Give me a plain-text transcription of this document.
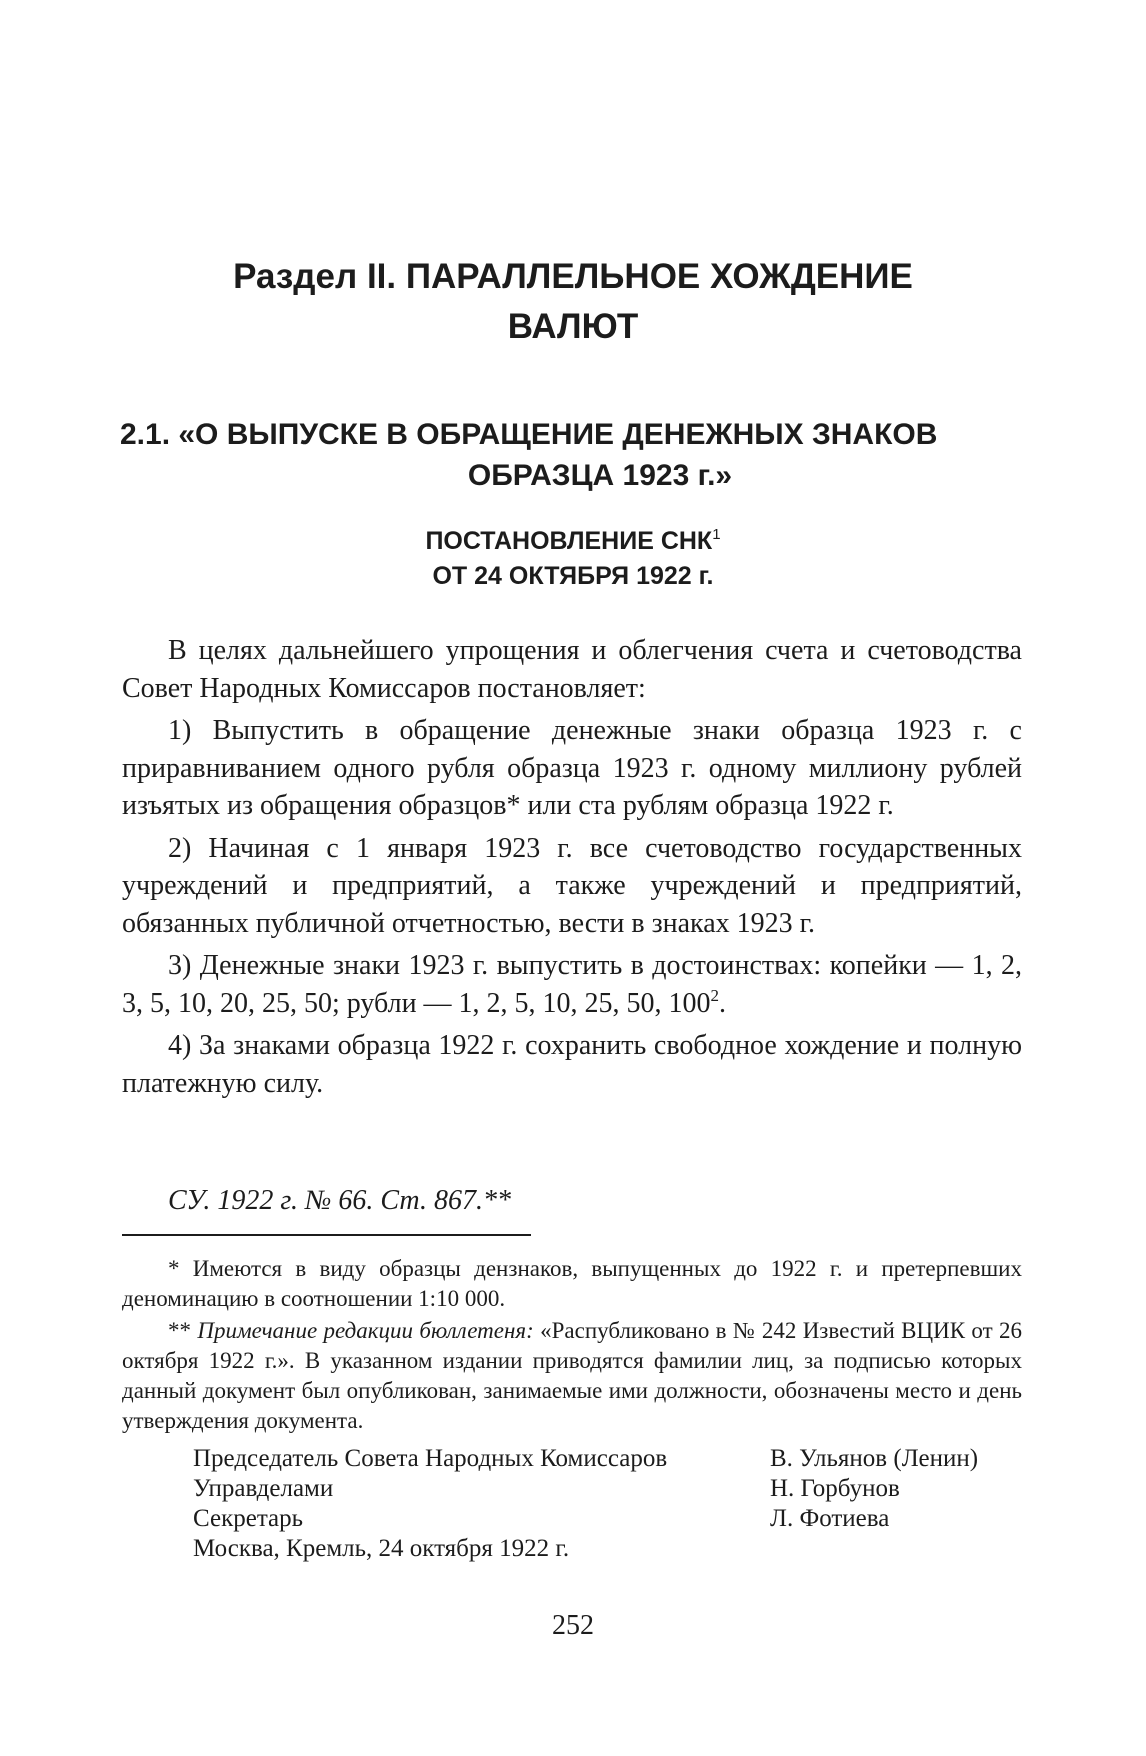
Раздел II. ПАРАЛЛЕЛЬНОЕ ХОЖДЕНИЕ
ВАЛЮТ
2.1. «О ВЫПУСКЕ В ОБРАЩЕНИЕ ДЕНЕЖНЫХ ЗНАКОВ
ОБРАЗЦА 1923 г.»
ПОСТАНОВЛЕНИЕ СНК$^1$
ОТ 24 ОКТЯБРЯ 1922 г.

В целях дальнейшего упрощения и облегчения счета и счетоводства Совет Народных Комиссаров постановляет:

1) Выпустить в обращение денежные знаки образца 1923 г. с приравниванием одного рубля образца 1923 г. одному миллиону рублей изъятых из обращения образцов* или ста рублям образца 1922 г.

2) Начиная с 1 января 1923 г. все счетоводство государственных учреждений и предприятий, а также учреждений и предприятий, обязанных публичной отчетностью, вести в знаках 1923 г.

3) Денежные знаки 1923 г. выпустить в достоинствах: копейки — 1, 2, 3, 5, 10, 20, 25, 50; рубли — 1, 2, 5, 10, 25, 50, $100^2$.

4) За знаками образца 1922 г. сохранить свободное хождение и полную платежную силу.

СУ. 1922 г. № 66. Ст. 867.**

* Имеются в виду образцы дензнаков, выпущенных до 1922 г. и претерпевших деноминацию в соотношении 1:10 000.

** Примечание редакции бюллетеня: «Распубликовано в № 242 Известий ВЦИК от 26 октября 1922 г.». В указанном издании приводятся фамилии лиц, за подписью которых данный документ был опубликован, занимаемые ими должности, обозначены место и день утверждения документа.

Председатель Совета Народных Комиссаров	В. Ульянов (Ленин)
Управделами	Н. Горбунов
Секретарь	Л. Фотиева
Москва, Кремль, 24 октября 1922 г.
252
